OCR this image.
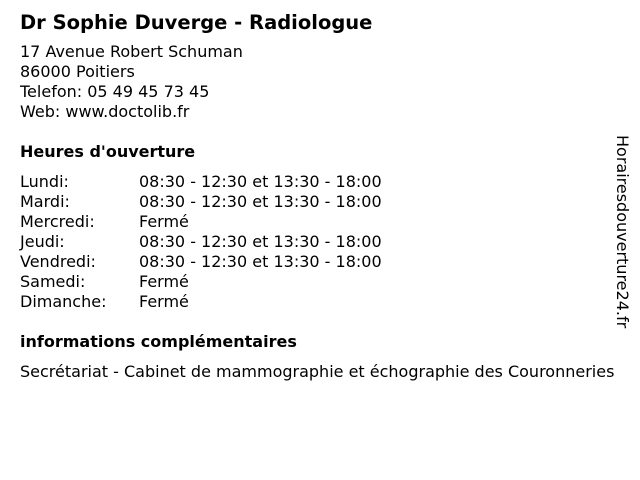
Dr Sophie Duverge - Radiologue
17 Avenue Robert Schuman
86000 Poitiers
Telefon: 05 49 45 73 45
Web: www.doctolib.fr
Heures d'ouverture
Lundi:	08:30 - 12:30 et 13:30 - 18:00
Mardi:	08:30 - 12:30 et 13:30 - 18:00
Mercredi:	Fermé
Jeudi:	08:30 - 12:30 et 13:30 - 18:00
Vendredi:	08:30 - 12:30 et 13:30 - 18:00
Samedi:	Fermé
Dimanche:	Fermé
informations complémentaires
Secrétariat - Cabinet de mammographie et échographie des Couronneries
Horairesdouverture24.fr
